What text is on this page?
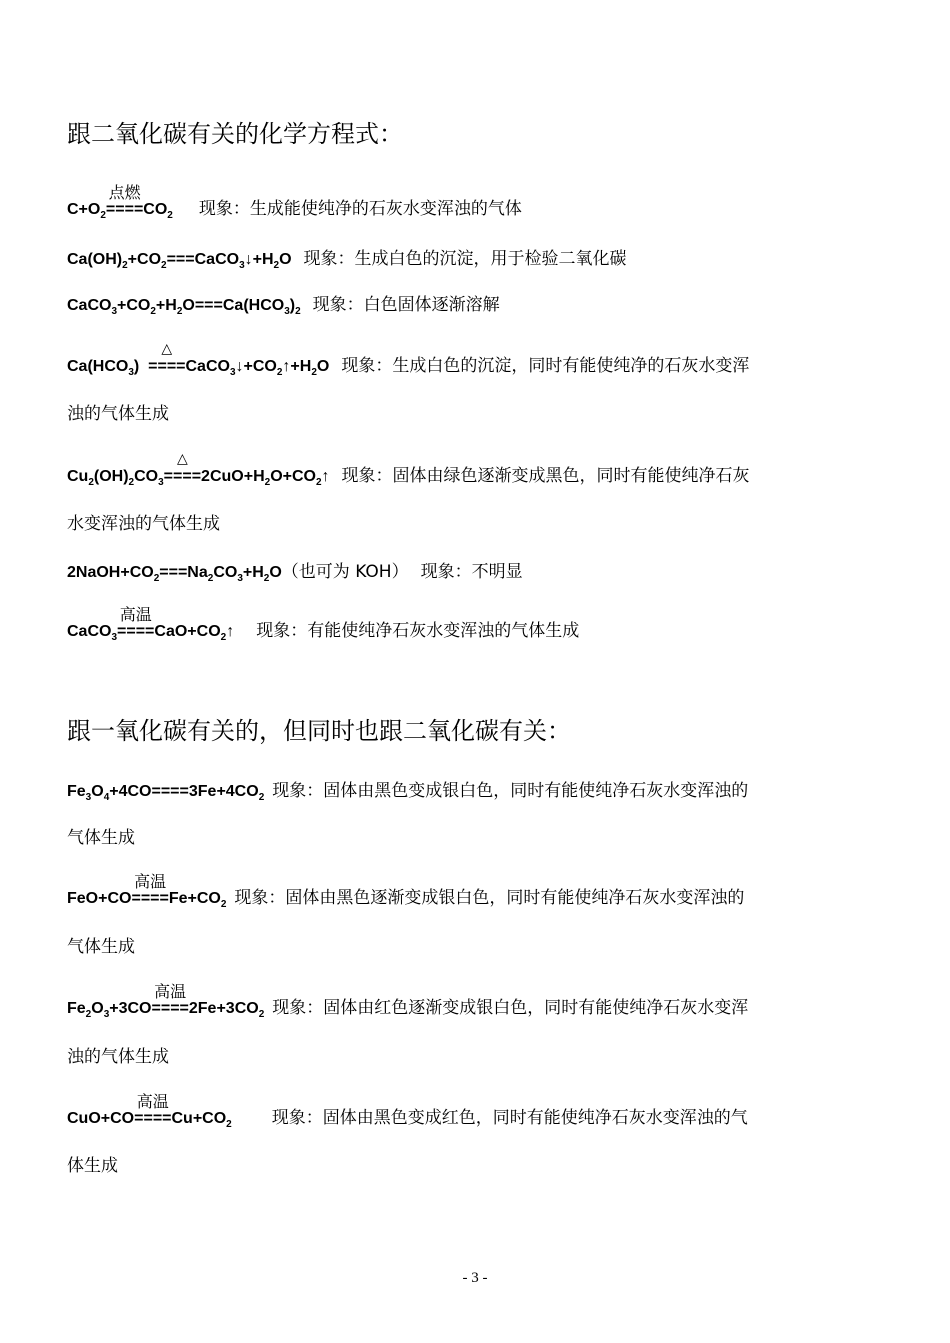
跟二氧化碳有关的化学方程式：
$C+O_2$
点燃
$====CO_2$ 现象：生成能使纯净的石灰水变浑浊的气体
$Ca(OH)_2+CO_2===CaCO_3↓+H_2O$ 现象：生成白色的沉淀，用于检验二氧化碳
$CaCO_3+CO_2+H_2O===Ca(HCO_3)_2$ 现象：白色固体逐渐溶解
$Ca(HCO_3)$
△
$====CaCO_3↓+CO_2↑+H_2O$ 现象：生成白色的沉淀，同时有能使纯净的石灰水变浑
浊的气体生成
$Cu_2(OH)_2CO_3$
△
$====2CuO+H_2O+CO_2↑$ 现象：固体由绿色逐渐变成黑色，同时有能使纯净石灰
水变浑浊的气体生成
$2NaOH+CO_2===Na_2CO_3+H_2O$（也可为 KOH） 现象：不明显
CaCO$_3$
高温
$====CaO+CO_2↑$ 现象：有能使纯净石灰水变浑浊的气体生成
跟一氧化碳有关的，但同时也跟二氧化碳有关：
$Fe_3O_4+4CO====3Fe+4CO_2$ 现象：固体由黑色变成银白色，同时有能使纯净石灰水变浑浊的
气体生成
FeO+CO
高温
$====Fe+CO_2$ 现象：固体由黑色逐渐变成银白色，同时有能使纯净石灰水变浑浊的
气体生成
$Fe_2O_3+3CO$
高温
$====2Fe+3CO_2$ 现象：固体由红色逐渐变成银白色，同时有能使纯净石灰水变浑
浊的气体生成
CuO+CO
高温
$====Cu+CO_2$ 现象：固体由黑色变成红色，同时有能使纯净石灰水变浑浊的气
体生成
- 3 -
